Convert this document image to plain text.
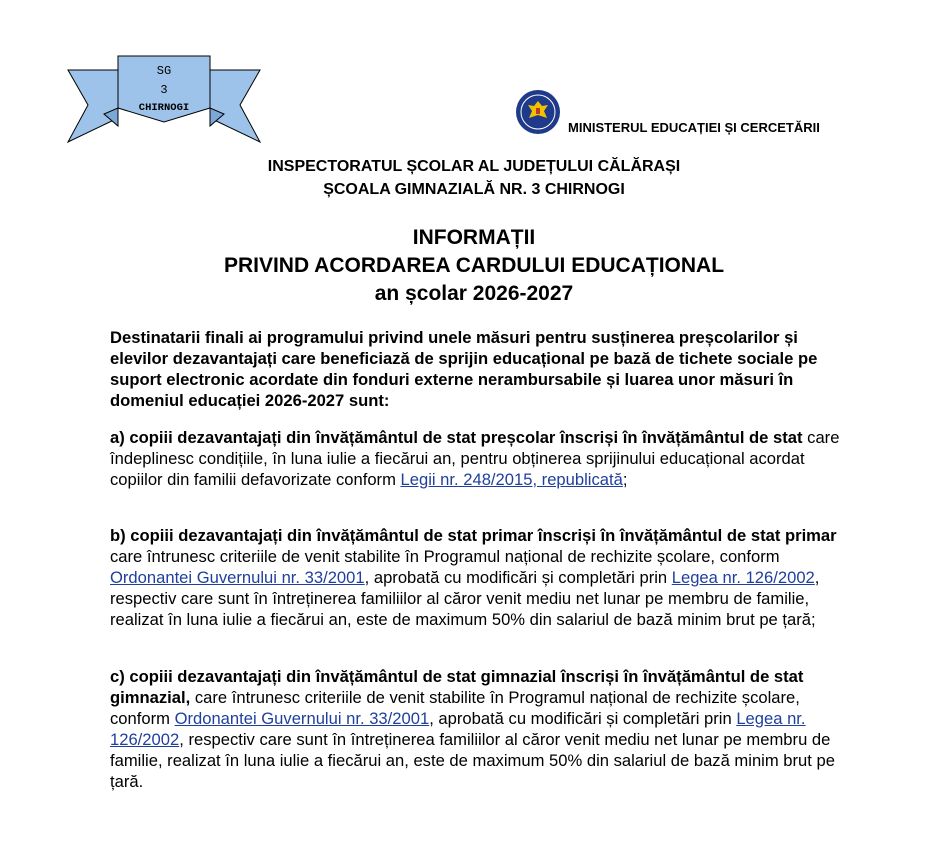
SG
3
CHIRNOGI
MINISTERUL EDUCAȚIEI ȘI CERCETĂRII
INSPECTORATUL ȘCOLAR AL JUDEȚULUI CĂLĂRAȘI
ȘCOALA GIMNAZIALĂ NR. 3 CHIRNOGI
INFORMAȚII
PRIVIND ACORDAREA CARDULUI EDUCAȚIONAL
an școlar 2026-2027
Destinatarii finali ai programului privind unele măsuri pentru susținerea preșcolarilor și elevilor dezavantajați care beneficiază de sprijin educațional pe bază de tichete sociale pe suport electronic acordate din fonduri externe nerambursabile și luarea unor măsuri în domeniul educației 2026-2027 sunt:
a) copiii dezavantajați din învățământul de stat preșcolar înscriși în învățământul de stat care îndeplinesc condițiile, în luna iulie a fiecărui an, pentru obținerea sprijinului educațional acordat copiilor din familii defavorizate conform Legii nr. 248/2015, republicată;
b) copiii dezavantajați din învățământul de stat primar înscriși în învățământul de stat primar care întrunesc criteriile de venit stabilite în Programul național de rechizite școlare, conform Ordonantei Guvernului nr. 33/2001, aprobată cu modificări și completări prin Legea nr. 126/2002, respectiv care sunt în întreținerea familiilor al căror venit mediu net lunar pe membru de familie, realizat în luna iulie a fiecărui an, este de maximum 50% din salariul de bază minim brut pe țară;
c) copiii dezavantajați din învățământul de stat gimnazial înscriși în învățământul de stat gimnazial, care întrunesc criteriile de venit stabilite în Programul național de rechizite școlare, conform Ordonantei Guvernului nr. 33/2001, aprobată cu modificări și completări prin Legea nr. 126/2002, respectiv care sunt în întreținerea familiilor al căror venit mediu net lunar pe membru de familie, realizat în luna iulie a fiecărui an, este de maximum 50% din salariul de bază minim brut pe țară.
